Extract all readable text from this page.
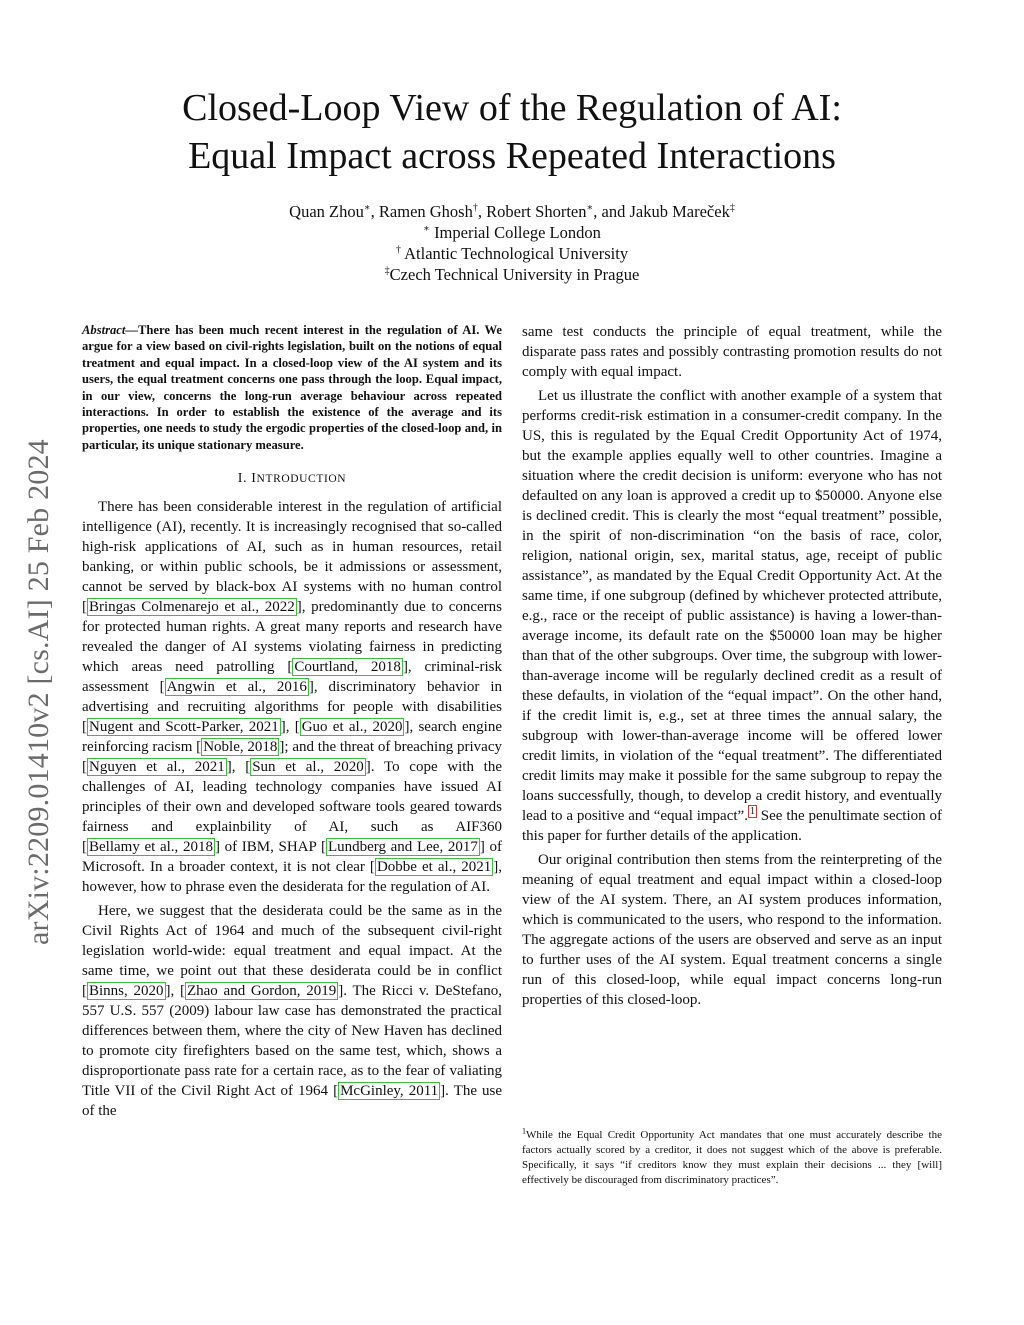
arXiv:2209.01410v2 [cs.AI] 25 Feb 2024
Closed-Loop View of the Regulation of AI:
Equal Impact across Repeated Interactions
Quan Zhou∗, Ramen Ghosh†, Robert Shorten∗, and Jakub Mareček‡
∗ Imperial College London
† Atlantic Technological University
‡Czech Technical University in Prague

Abstract—There has been much recent interest in the regulation of AI. We argue for a view based on civil-rights legislation, built on the notions of equal treatment and equal impact. In a closed-loop view of the AI system and its users, the equal treatment concerns one pass through the loop. Equal impact, in our view, concerns the long-run average behaviour across repeated interactions. In order to establish the existence of the average and its properties, one needs to study the ergodic properties of the closed-loop and, in particular, its unique stationary measure.

I. INTRODUCTION

There has been considerable interest in the regulation of artificial intelligence (AI), recently. It is increasingly recognised that so-called high-risk applications of AI, such as in human resources, retail banking, or within public schools, be it admissions or assessment, cannot be served by black-box AI systems with no human control [ Bringas Colmenarejo et al., 2022 ], predominantly due to concerns for protected human rights. A great many reports and research have revealed the danger of AI systems violating fairness in predicting which areas need patrolling [ Courtland, 2018 ], criminal-risk assessment [ Angwin et al., 2016 ], discriminatory behavior in advertising and recruiting algorithms for people with disabilities [ Nugent and Scott-Parker, 2021 ], [ Guo et al., 2020 ], search engine reinforcing racism [ Noble, 2018 ]; and the threat of breaching privacy [ Nguyen et al., 2021 ], [ Sun et al., 2020 ]. To cope with the challenges of AI, leading technology companies have issued AI principles of their own and developed software tools geared towards fairness and explainbility of AI, such as AIF360 [ Bellamy et al., 2018 ] of IBM, SHAP [ Lundberg and Lee, 2017 ] of Microsoft. In a broader context, it is not clear [ Dobbe et al., 2021 ], however, how to phrase even the desiderata for the regulation of AI.

Here, we suggest that the desiderata could be the same as in the Civil Rights Act of 1964 and much of the subsequent civil-right legislation world-wide: equal treatment and equal impact. At the same time, we point out that these desiderata could be in conflict [ Binns, 2020 ], [ Zhao and Gordon, 2019 ]. The Ricci v. DeStefano, 557 U.S. 557 (2009) labour law case has demonstrated the practical differences between them, where the city of New Haven has declined to promote city firefighters based on the same test, which, shows a disproportionate pass rate for a certain race, as to the fear of valiating Title VII of the Civil Right Act of 1964 [ McGinley, 2011 ]. The use of the

same test conducts the principle of equal treatment, while the disparate pass rates and possibly contrasting promotion results do not comply with equal impact.

Let us illustrate the conflict with another example of a system that performs credit-risk estimation in a consumer-credit company. In the US, this is regulated by the Equal Credit Opportunity Act of 1974, but the example applies equally well to other countries. Imagine a situation where the credit decision is uniform: everyone who has not defaulted on any loan is approved a credit up to $50000. Anyone else is declined credit. This is clearly the most “equal treatment” possible, in the spirit of non-discrimination “on the basis of race, color, religion, national origin, sex, marital status, age, receipt of public assistance”, as mandated by the Equal Credit Opportunity Act. At the same time, if one subgroup (defined by whichever protected attribute, e.g., race or the receipt of public assistance) is having a lower-than-average income, its default rate on the $50000 loan may be higher than that of the other subgroups. Over time, the subgroup with lower-than-average income will be regularly declined credit as a result of these defaults, in violation of the “equal impact”. On the other hand, if the credit limit is, e.g., set at three times the annual salary, the subgroup with lower-than-average income will be offered lower credit limits, in violation of the “equal treatment”. The differentiated credit limits may make it possible for the same subgroup to repay the loans successfully, though, to develop a credit history, and eventually lead to a positive and “equal impact”. $^1$ See the penultimate section of this paper for further details of the application.

Our original contribution then stems from the reinterpreting of the meaning of equal treatment and equal impact within a closed-loop view of the AI system. There, an AI system produces information, which is communicated to the users, who respond to the information. The aggregate actions of the users are observed and serve as an input to further uses of the AI system. Equal treatment concerns a single run of this closed-loop, while equal impact concerns long-run properties of this closed-loop.

$^1$While the Equal Credit Opportunity Act mandates that one must accurately describe the factors actually scored by a creditor, it does not suggest which of the above is preferable. Specifically, it says “if creditors know they must explain their decisions ... they [will] effectively be discouraged from discriminatory practices”.
